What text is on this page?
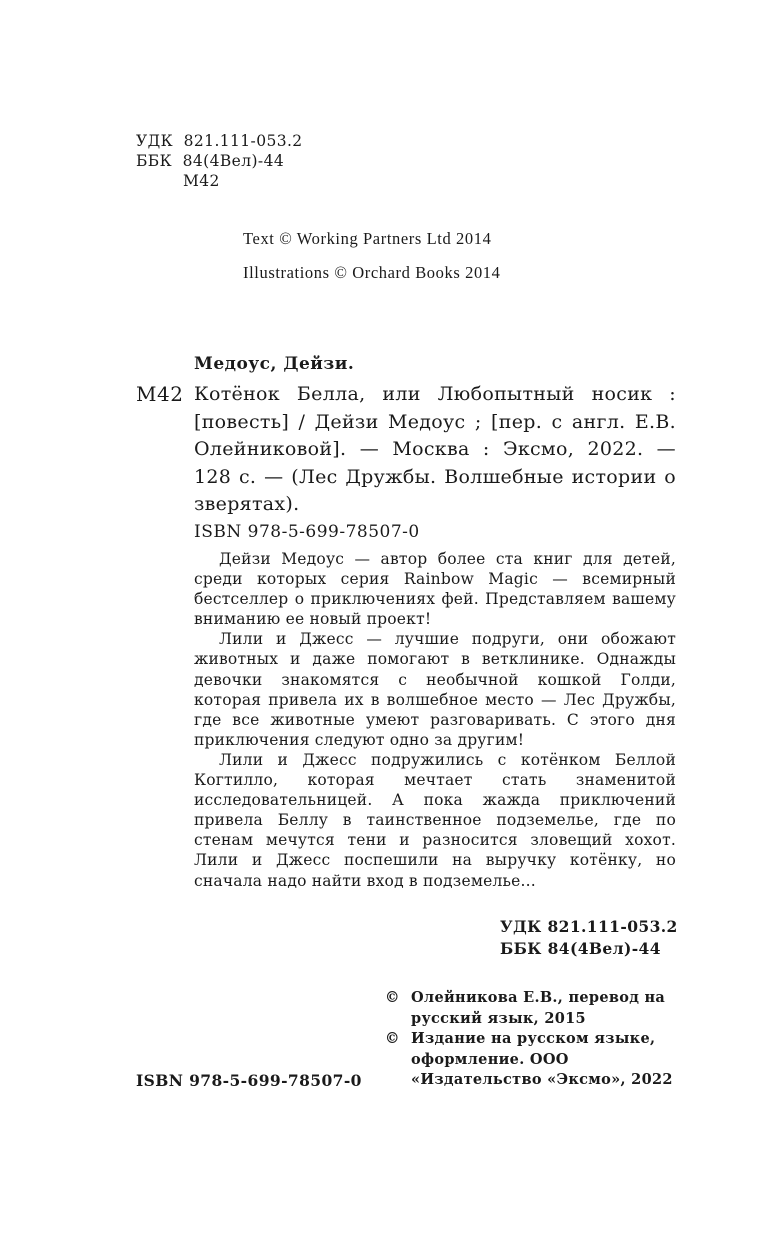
УДК 821.111-053.2
ББК 84(4Вел)-44
М42
Text © Working Partners Ltd 2014
Illustrations © Orchard Books 2014
Медоус, Дейзи.
М42 Котёнок Белла, или Любопытный носик : [повесть] / Дейзи Медоус ; [пер. с англ. Е.В. Олейниковой]. — Москва : Эксмо, 2022. — 128 с. — (Лес Дружбы. Волшебные истории о зверятах).
ISBN 978-5-699-78507-0

Дейзи Медоус — автор более ста книг для детей, среди которых серия Rainbow Magic — всемирный бестселлер о приключениях фей. Представляем вашему вниманию ее новый проект!

Лили и Джесс — лучшие подруги, они обожают животных и даже помогают в ветклинике. Однажды девочки знакомятся с необычной кошкой Голди, которая привела их в волшебное место — Лес Дружбы, где все животные умеют разговаривать. С этого дня приключения следуют одно за другим!

Лили и Джесс подружились с котёнком Беллой Когтилло, которая мечтает стать знаменитой исследовательницей. А пока жажда приключений привела Беллу в таинственное подземелье, где по стенам мечутся тени и разносится зловещий хохот. Лили и Джесс поспешили на выручку котёнку, но сначала надо найти вход в подземелье...

УДК 821.111-053.2
ББК 84(4Вел)-44
© Олейникова Е.В., перевод на русский язык, 2015
© Издание на русском языке, оформление. ООО «Издательство «Эксмо», 2022
ISBN 978-5-699-78507-0
